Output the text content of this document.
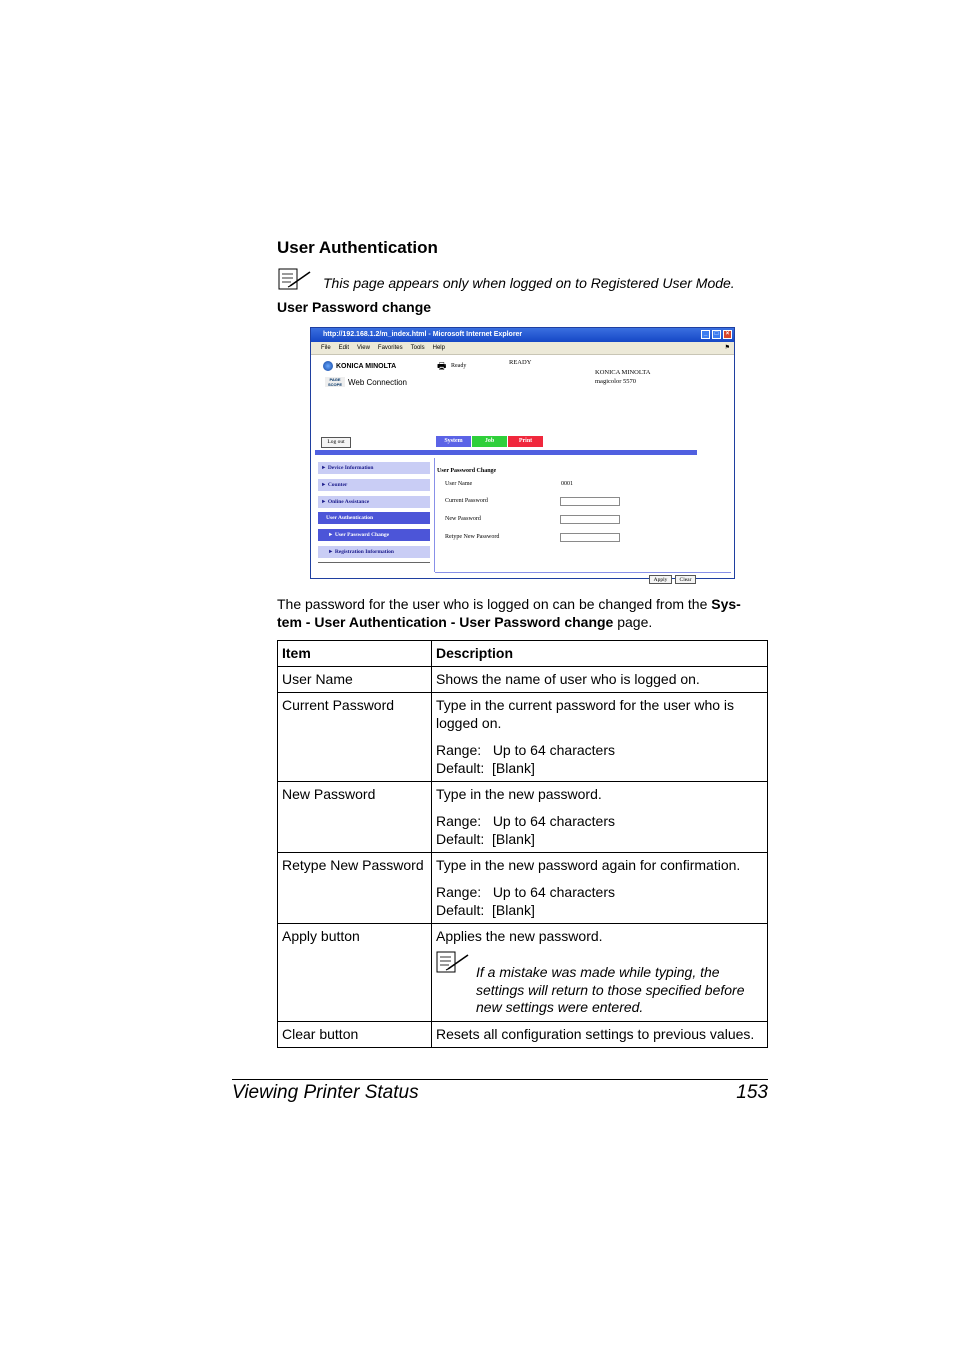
User Authentication
This page appears only when logged on to Registered User Mode.
User Password change
http://192.168.1.2/m_index.html - Microsoft Internet Explorer	_	□	×
File Edit View Favorites Tools Help	⚑
KONICA MINOLTA
PAGE SCOPE Web Connection
🖶 Ready	READY
KONICA MINOLTA
magicolor 5570
Log out	System	Job	Print
► Device Information
► Counter
► Online Assistance
User Authentication
► User Password Change
► Registration Information
User Password Change
User Name	0001
Current Password
New Password
Retype New Password
Apply	Clear
The password for the user who is logged on can be changed from the Sys-tem - User Authentication - User Password change page.
Item	Description
User Name	Shows the name of user who is logged on.
Current Password	Type in the current password for the user who is logged on.
Range:   Up to 64 characters
Default:  [Blank]

New Password	Type in the new password.
Range:   Up to 64 characters
Default:  [Blank]

Retype New Password	Type in the new password again for confirmation.
Range:   Up to 64 characters
Default:  [Blank]

Apply button	Applies the new password.
If a mistake was made while typing, the settings will return to those specified before new settings were entered.

Clear button	Resets all configuration settings to previous values.
Viewing Printer Status	153
